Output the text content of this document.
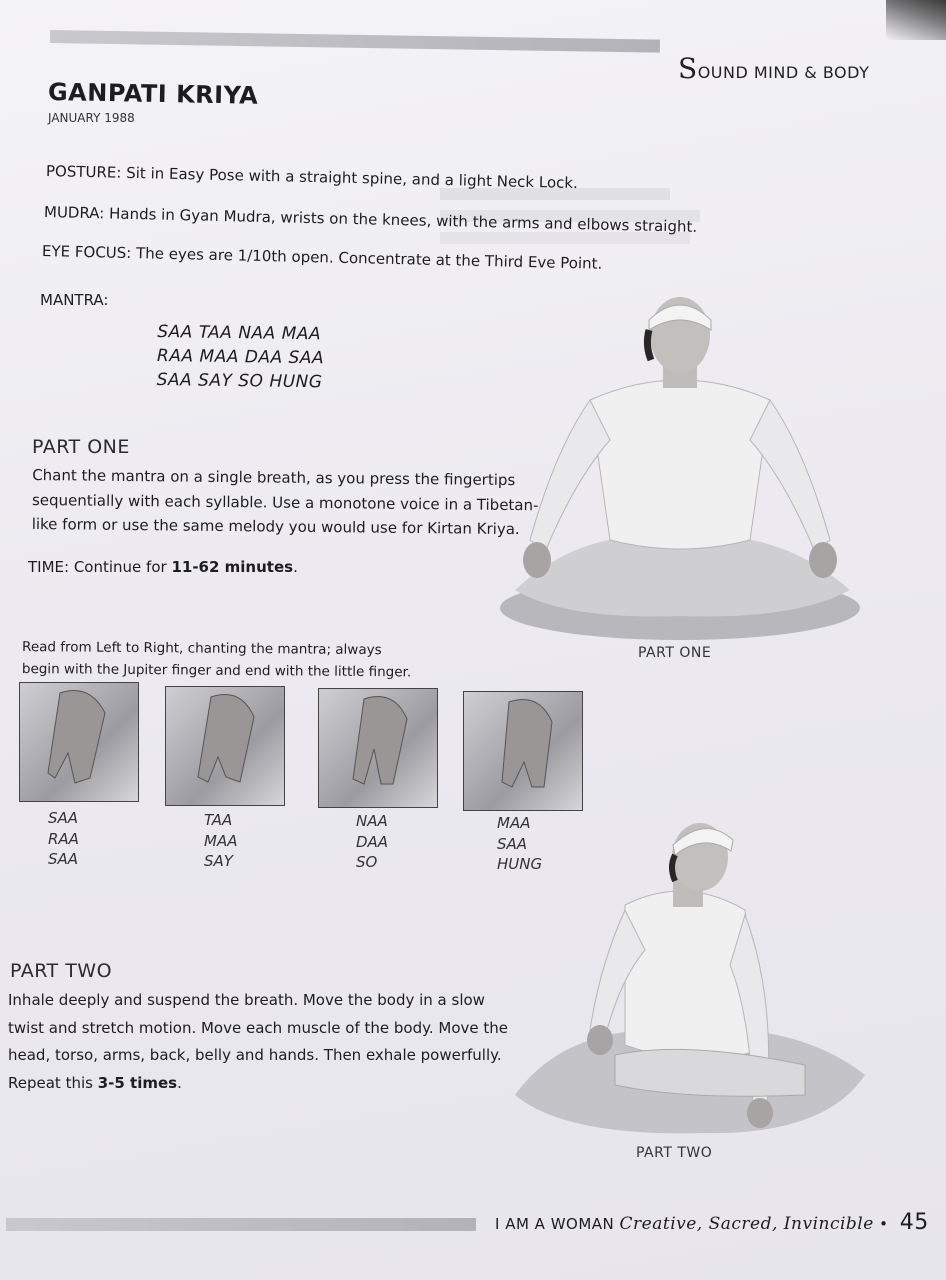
SOUND MIND & BODY
GANPATI KRIYA
JANUARY 1988
POSTURE: Sit in Easy Pose with a straight spine, and a light Neck Lock.
MUDRA: Hands in Gyan Mudra, wrists on the knees, with the arms and elbows straight.
EYE FOCUS: The eyes are 1/10th open. Concentrate at the Third Eve Point.
MANTRA:
SAA TAA NAA MAA
RAA MAA DAA SAA
SAA SAY SO HUNG
PART ONE
Chant the mantra on a single breath, as you press the fingertips
sequentially with each syllable. Use a monotone voice in a Tibetan-
like form or use the same melody you would use for Kirtan Kriya.
TIME: Continue for 11-62 minutes.
PART ONE
Read from Left to Right, chanting the mantra; always
begin with the Jupiter finger and end with the little finger.
SAA
RAA
SAA
TAA
MAA
SAY
NAA
DAA
SO
MAA
SAA
HUNG
PART TWO
Inhale deeply and suspend the breath. Move the body in a slow
twist and stretch motion. Move each muscle of the body. Move the
head, torso, arms, back, belly and hands. Then exhale powerfully.
Repeat this 3-5 times.
PART TWO
I AM A WOMAN Creative, Sacred, Invincible • 45
